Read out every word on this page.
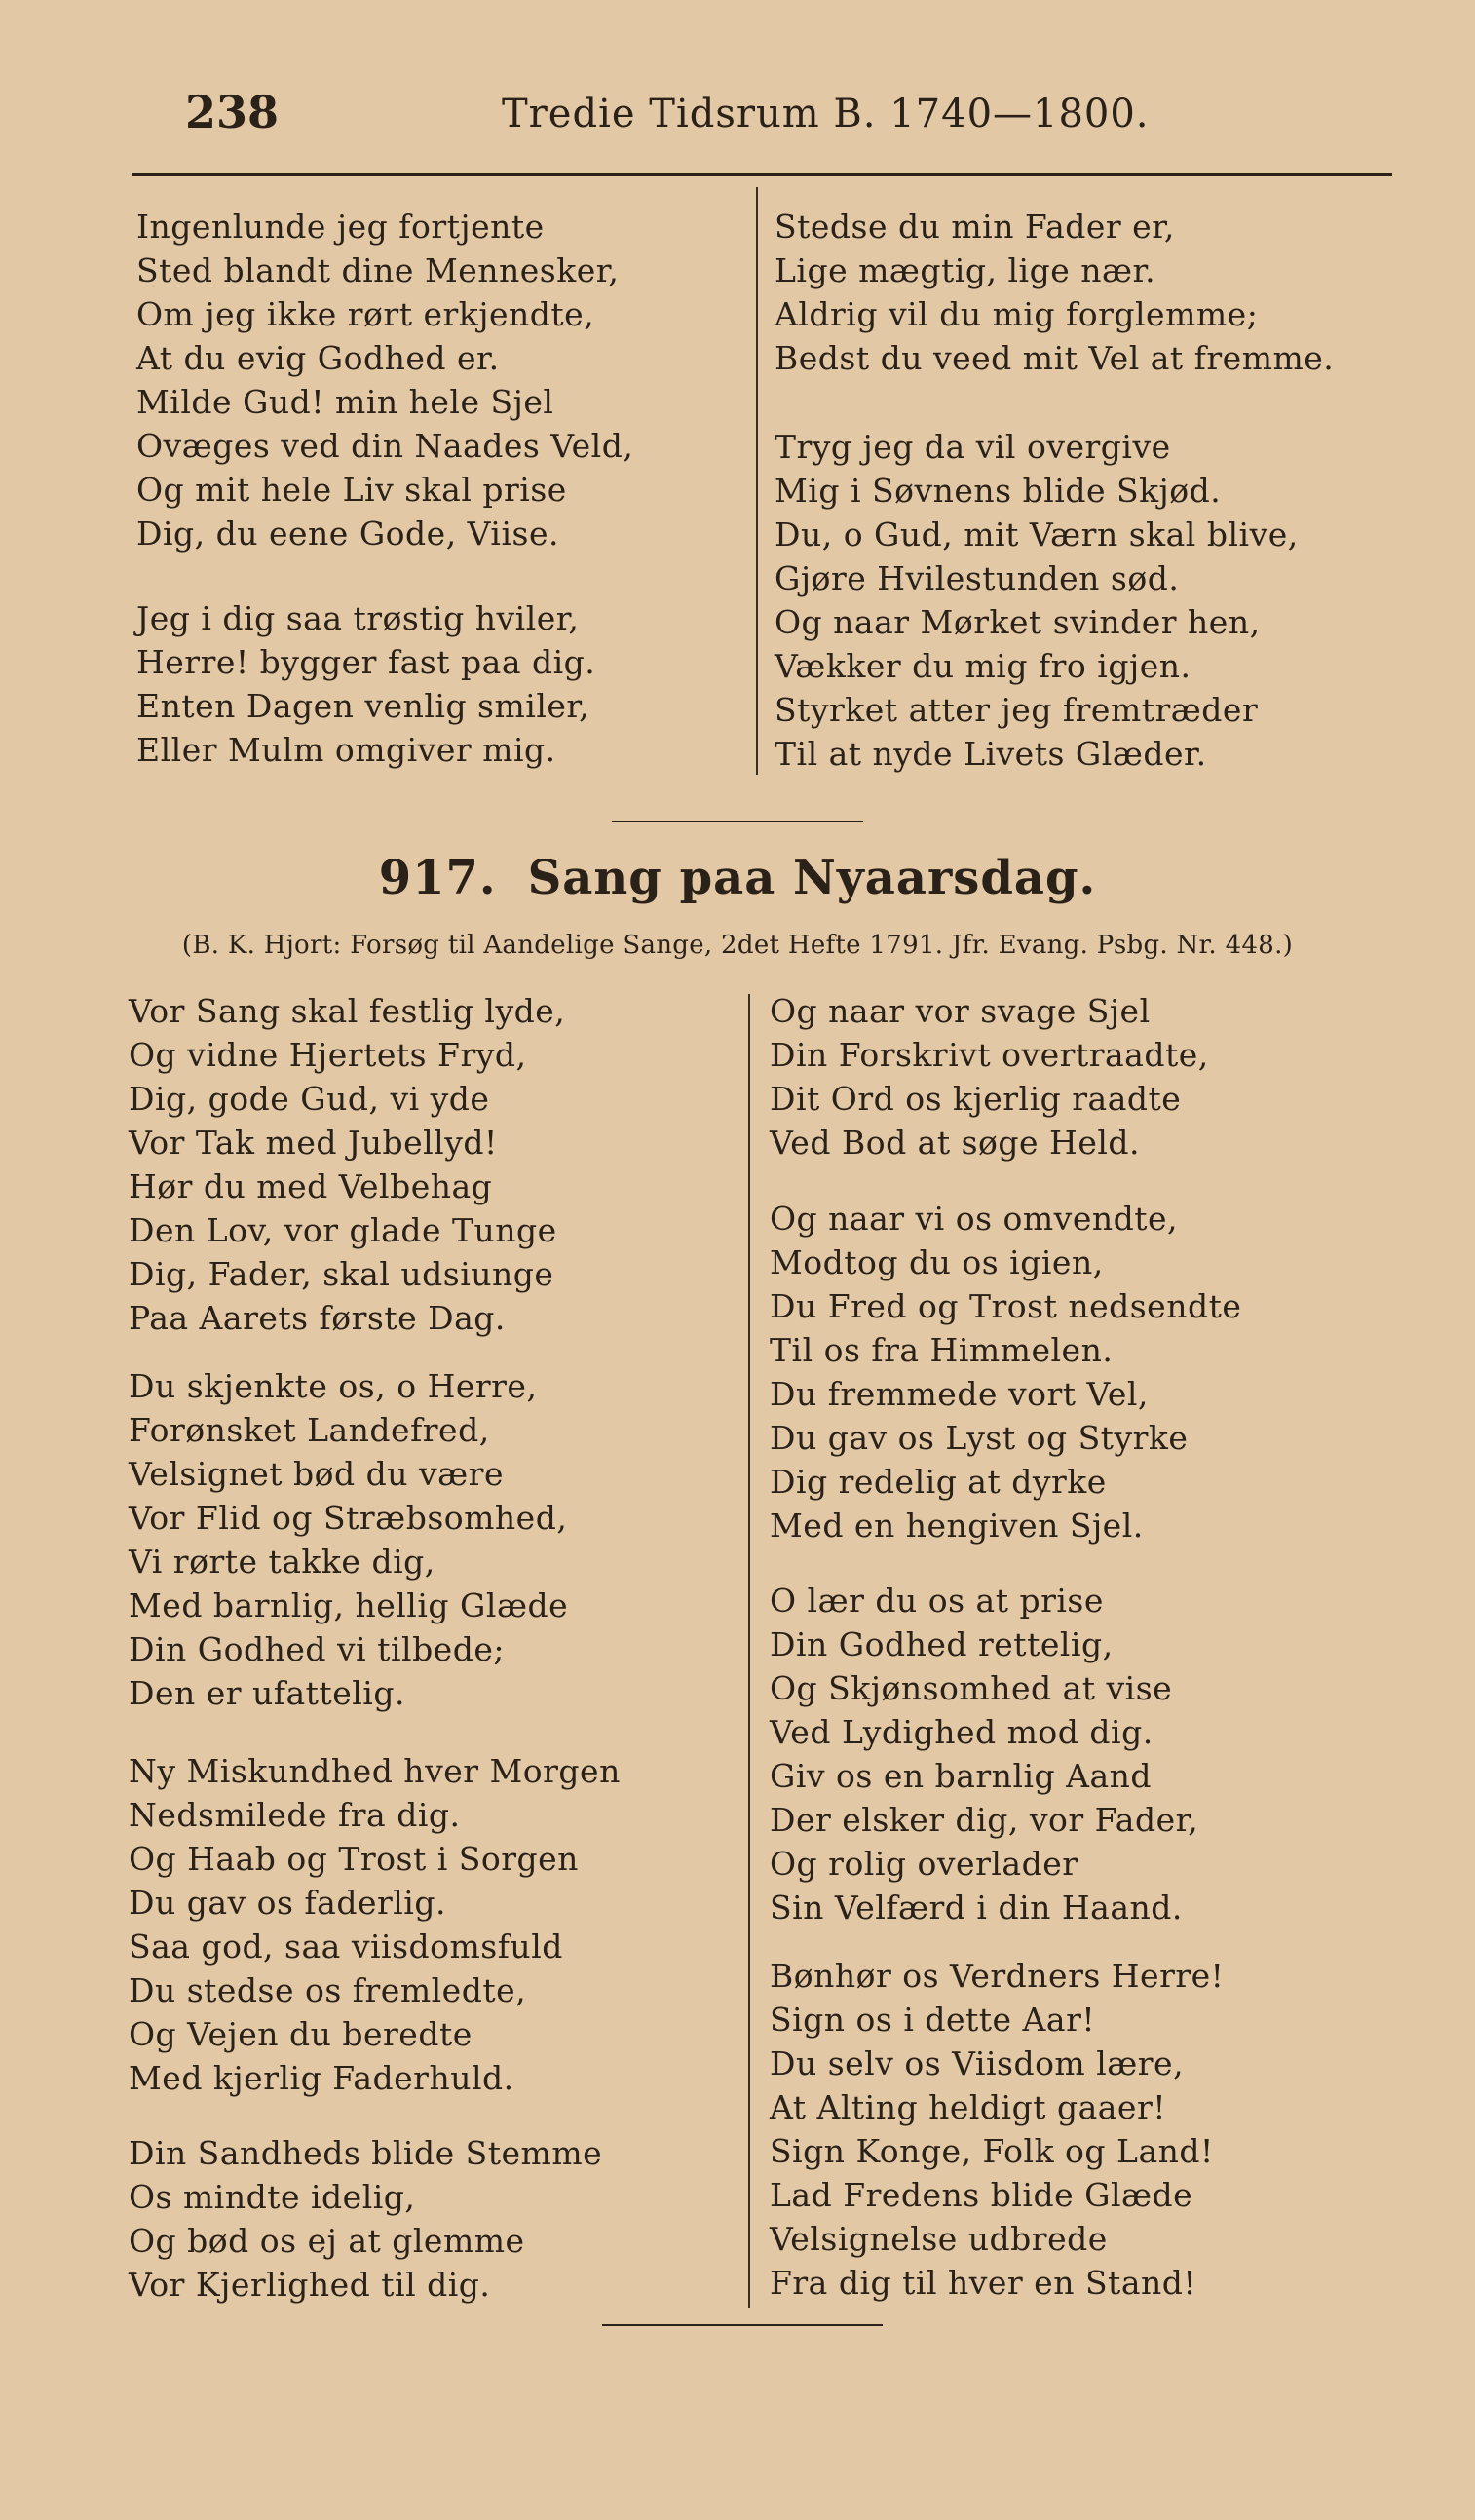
238	Tredie Tidsrum B. 1740—1800.
Ingenlunde jeg fortjente
Sted blandt dine Mennesker,
Om jeg ikke rørt erkjendte,
At du evig Godhed er.
Milde Gud! min hele Sjel
Ovæges ved din Naades Veld,
Og mit hele Liv skal prise
Dig, du eene Gode, Viise.
Jeg i dig saa trøstig hviler,
Herre! bygger fast paa dig.
Enten Dagen venlig smiler,
Eller Mulm omgiver mig.
Stedse du min Fader er,
Lige mægtig, lige nær.
Aldrig vil du mig forglemme;
Bedst du veed mit Vel at fremme.
Tryg jeg da vil overgive
Mig i Søvnens blide Skjød.
Du, o Gud, mit Værn skal blive,
Gjøre Hvilestunden sød.
Og naar Mørket svinder hen,
Vækker du mig fro igjen.
Styrket atter jeg fremtræder
Til at nyde Livets Glæder.
917. Sang paa Nyaarsdag.
(B. K. Hjort: Forsøg til Aandelige Sange, 2det Hefte 1791. Jfr. Evang. Psbg. Nr. 448.)
Vor Sang skal festlig lyde,
Og vidne Hjertets Fryd,
Dig, gode Gud, vi yde
Vor Tak med Jubellyd!
Hør du med Velbehag
Den Lov, vor glade Tunge
Dig, Fader, skal udsiunge
Paa Aarets første Dag.
Du skjenkte os, o Herre,
Forønsket Landefred,
Velsignet bød du være
Vor Flid og Stræbsomhed,
Vi rørte takke dig,
Med barnlig, hellig Glæde
Din Godhed vi tilbede;
Den er ufattelig.
Ny Miskundhed hver Morgen
Nedsmilede fra dig.
Og Haab og Trost i Sorgen
Du gav os faderlig.
Saa god, saa viisdomsfuld
Du stedse os fremledte,
Og Vejen du beredte
Med kjerlig Faderhuld.
Din Sandheds blide Stemme
Os mindte idelig,
Og bød os ej at glemme
Vor Kjerlighed til dig.
Og naar vor svage Sjel
Din Forskrivt overtraadte,
Dit Ord os kjerlig raadte
Ved Bod at søge Held.
Og naar vi os omvendte,
Modtog du os igien,
Du Fred og Trost nedsendte
Til os fra Himmelen.
Du fremmede vort Vel,
Du gav os Lyst og Styrke
Dig redelig at dyrke
Med en hengiven Sjel.
O lær du os at prise
Din Godhed rettelig,
Og Skjønsomhed at vise
Ved Lydighed mod dig.
Giv os en barnlig Aand
Der elsker dig, vor Fader,
Og rolig overlader
Sin Velfærd i din Haand.
Bønhør os Verdners Herre!
Sign os i dette Aar!
Du selv os Viisdom lære,
At Alting heldigt gaaer!
Sign Konge, Folk og Land!
Lad Fredens blide Glæde
Velsignelse udbrede
Fra dig til hver en Stand!
